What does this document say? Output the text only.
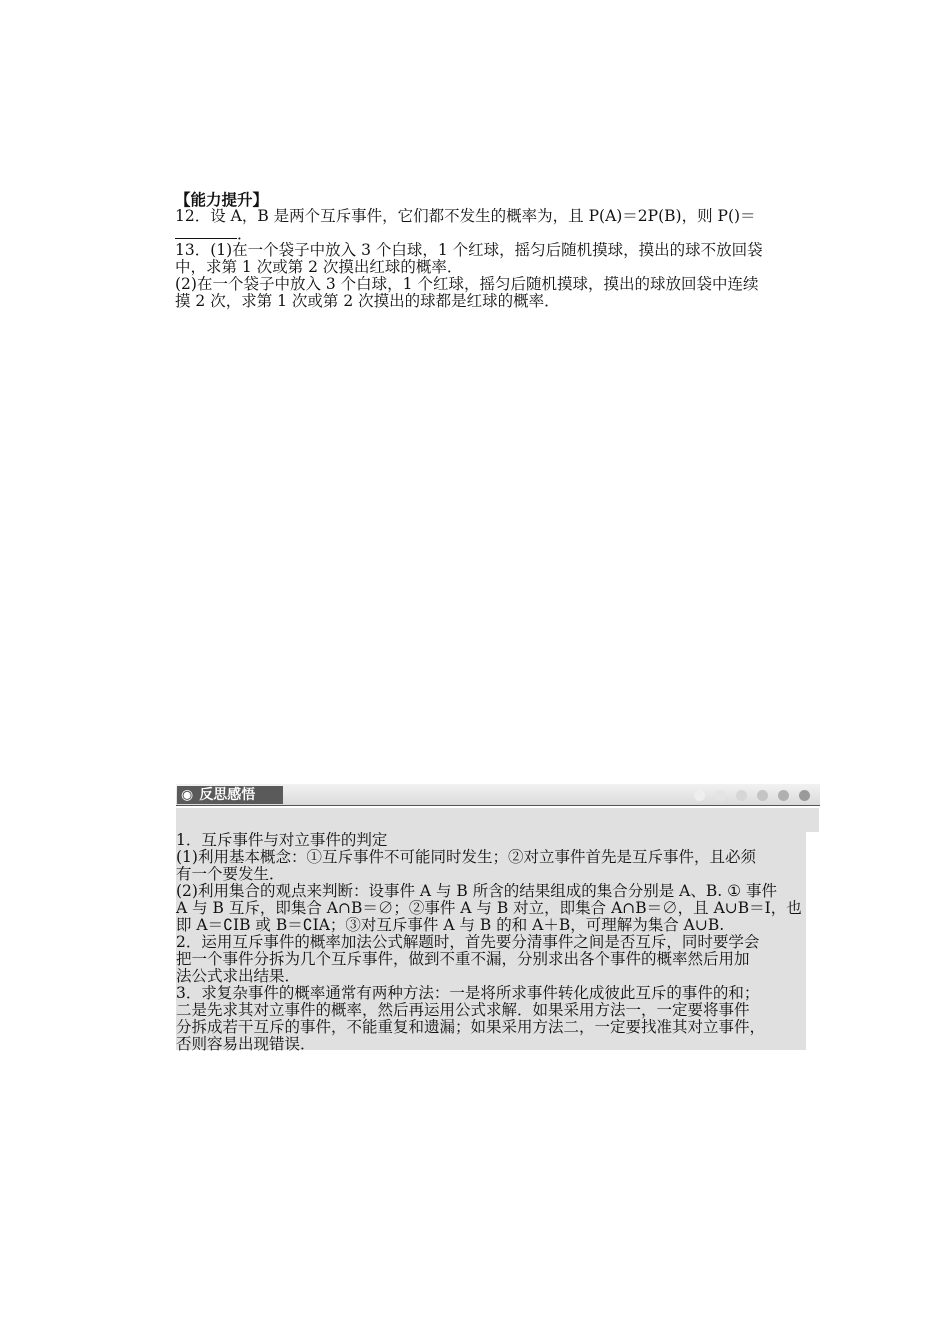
【能力提升】
12．设 A，B 是两个互斥事件，它们都不发生的概率为，且 P(A)＝2P(B)，则 P()＝
．
13．(1)在一个袋子中放入 3 个白球，1 个红球，摇匀后随机摸球，摸出的球不放回袋
中，求第 1 次或第 2 次摸出红球的概率．
(2)在一个袋子中放入 3 个白球，1 个红球，摇匀后随机摸球，摸出的球放回袋中连续
摸 2 次，求第 1 次或第 2 次摸出的球都是红球的概率．
◉ 反思感悟
1．互斥事件与对立事件的判定
(1)利用基本概念：①互斥事件不可能同时发生；②对立事件首先是互斥事件，且必须
有一个要发生．
(2)利用集合的观点来判断：设事件 A 与 B 所含的结果组成的集合分别是 A、B. ① 事件
A 与 B 互斥，即集合 A∩B＝∅；②事件 A 与 B 对立，即集合 A∩B＝∅，且 A∪B＝I，也
即 A＝∁IB 或 B＝∁IA；③对互斥事件 A 与 B 的和 A＋B，可理解为集合 A∪B.
2．运用互斥事件的概率加法公式解题时，首先要分清事件之间是否互斥，同时要学会
把一个事件分拆为几个互斥事件，做到不重不漏，分别求出各个事件的概率然后用加
法公式求出结果．
3．求复杂事件的概率通常有两种方法：一是将所求事件转化成彼此互斥的事件的和；
二是先求其对立事件的概率，然后再运用公式求解．如果采用方法一，一定要将事件
分拆成若干互斥的事件，不能重复和遗漏；如果采用方法二，一定要找准其对立事件，
否则容易出现错误．
